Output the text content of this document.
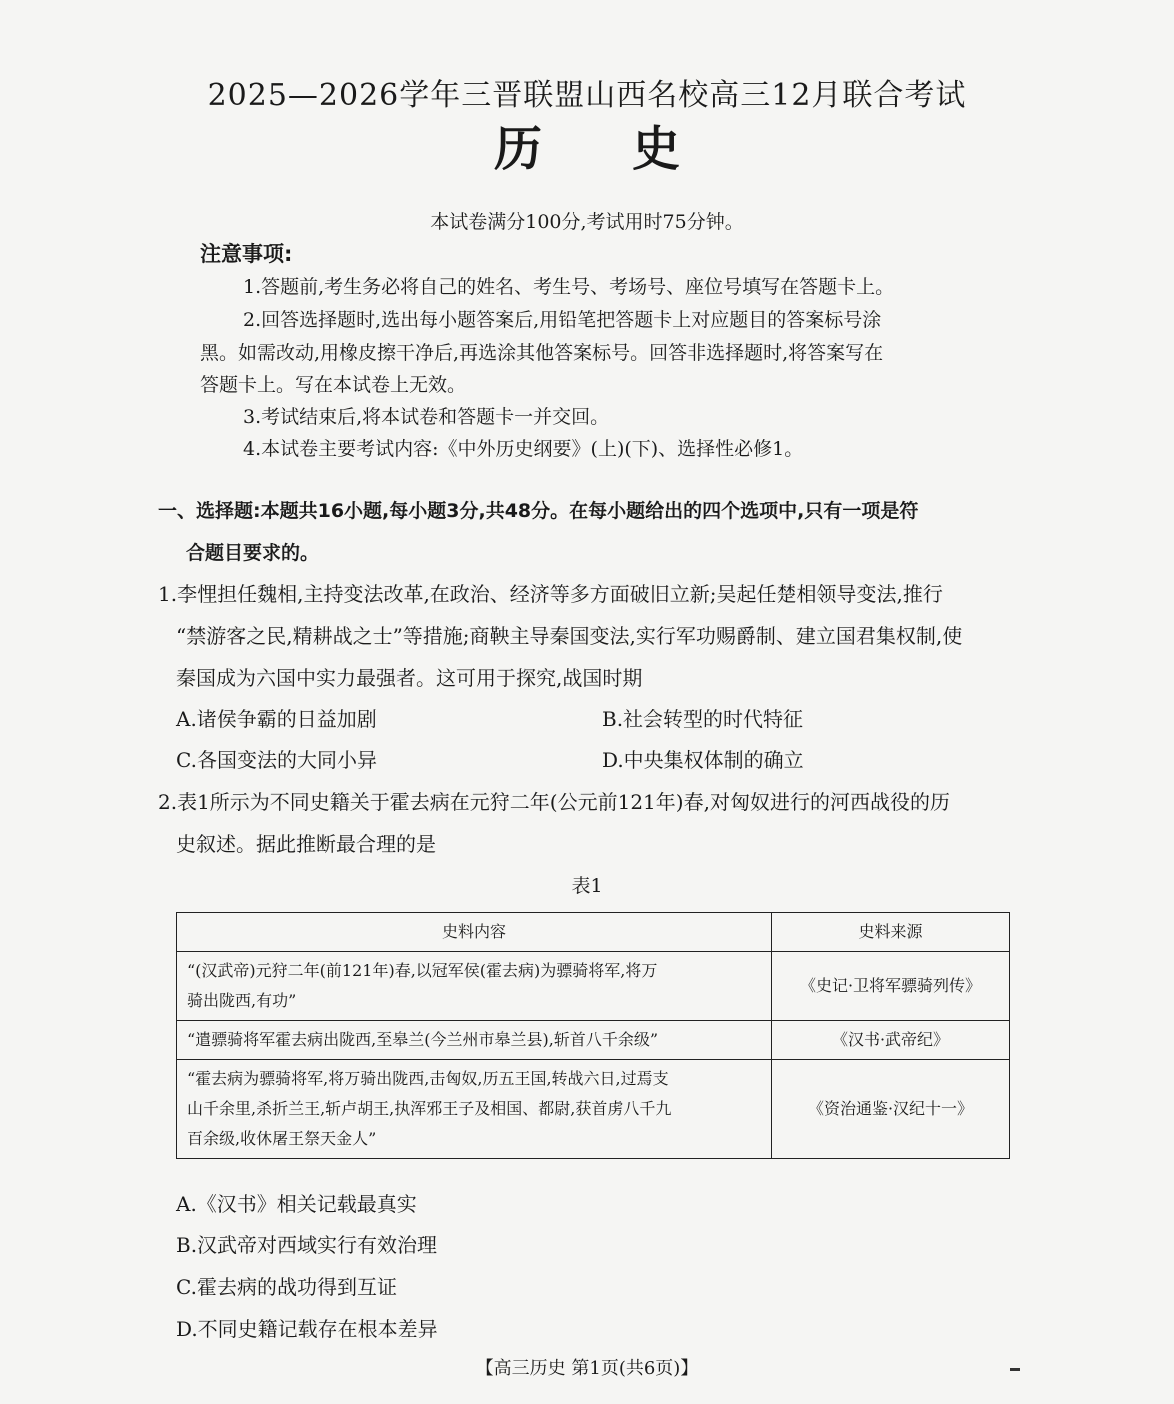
2025—2026学年三晋联盟山西名校高三12月联合考试
历史
本试卷满分100分,考试用时75分钟。
注意事项:
1.答题前,考生务必将自己的姓名、考生号、考场号、座位号填写在答题卡上。
2.回答选择题时,选出每小题答案后,用铅笔把答题卡上对应题目的答案标号涂
黑。如需改动,用橡皮擦干净后,再选涂其他答案标号。回答非选择题时,将答案写在
答题卡上。写在本试卷上无效。
3.考试结束后,将本试卷和答题卡一并交回。
4.本试卷主要考试内容:《中外历史纲要》(上)(下)、选择性必修1。
一、选择题:本题共16小题,每小题3分,共48分。在每小题给出的四个选项中,只有一项是符
合题目要求的。
1.李悝担任魏相,主持变法改革,在政治、经济等多方面破旧立新;吴起任楚相领导变法,推行
“禁游客之民,精耕战之士”等措施;商鞅主导秦国变法,实行军功赐爵制、建立国君集权制,使
秦国成为六国中实力最强者。这可用于探究,战国时期
A.诸侯争霸的日益加剧	B.社会转型的时代特征
C.各国变法的大同小异	D.中央集权体制的确立
2.表1所示为不同史籍关于霍去病在元狩二年(公元前121年)春,对匈奴进行的河西战役的历
史叙述。据此推断最合理的是
表1
史料内容	史料来源

“(汉武帝)元狩二年(前121年)春,以冠军侯(霍去病)为骠骑将军,将万
骑出陇西,有功”	《史记·卫将军骠骑列传》

“遣骠骑将军霍去病出陇西,至皋兰(今兰州市皋兰县),斩首八千余级”	《汉书·武帝纪》

“霍去病为骠骑将军,将万骑出陇西,击匈奴,历五王国,转战六日,过焉支
山千余里,杀折兰王,斩卢胡王,执浑邪王子及相国、都尉,获首虏八千九
百余级,收休屠王祭天金人”	《资治通鉴·汉纪十一》
A.《汉书》相关记载最真实
B.汉武帝对西域实行有效治理
C.霍去病的战功得到互证
D.不同史籍记载存在根本差异
【高三历史 第1页(共6页)】
